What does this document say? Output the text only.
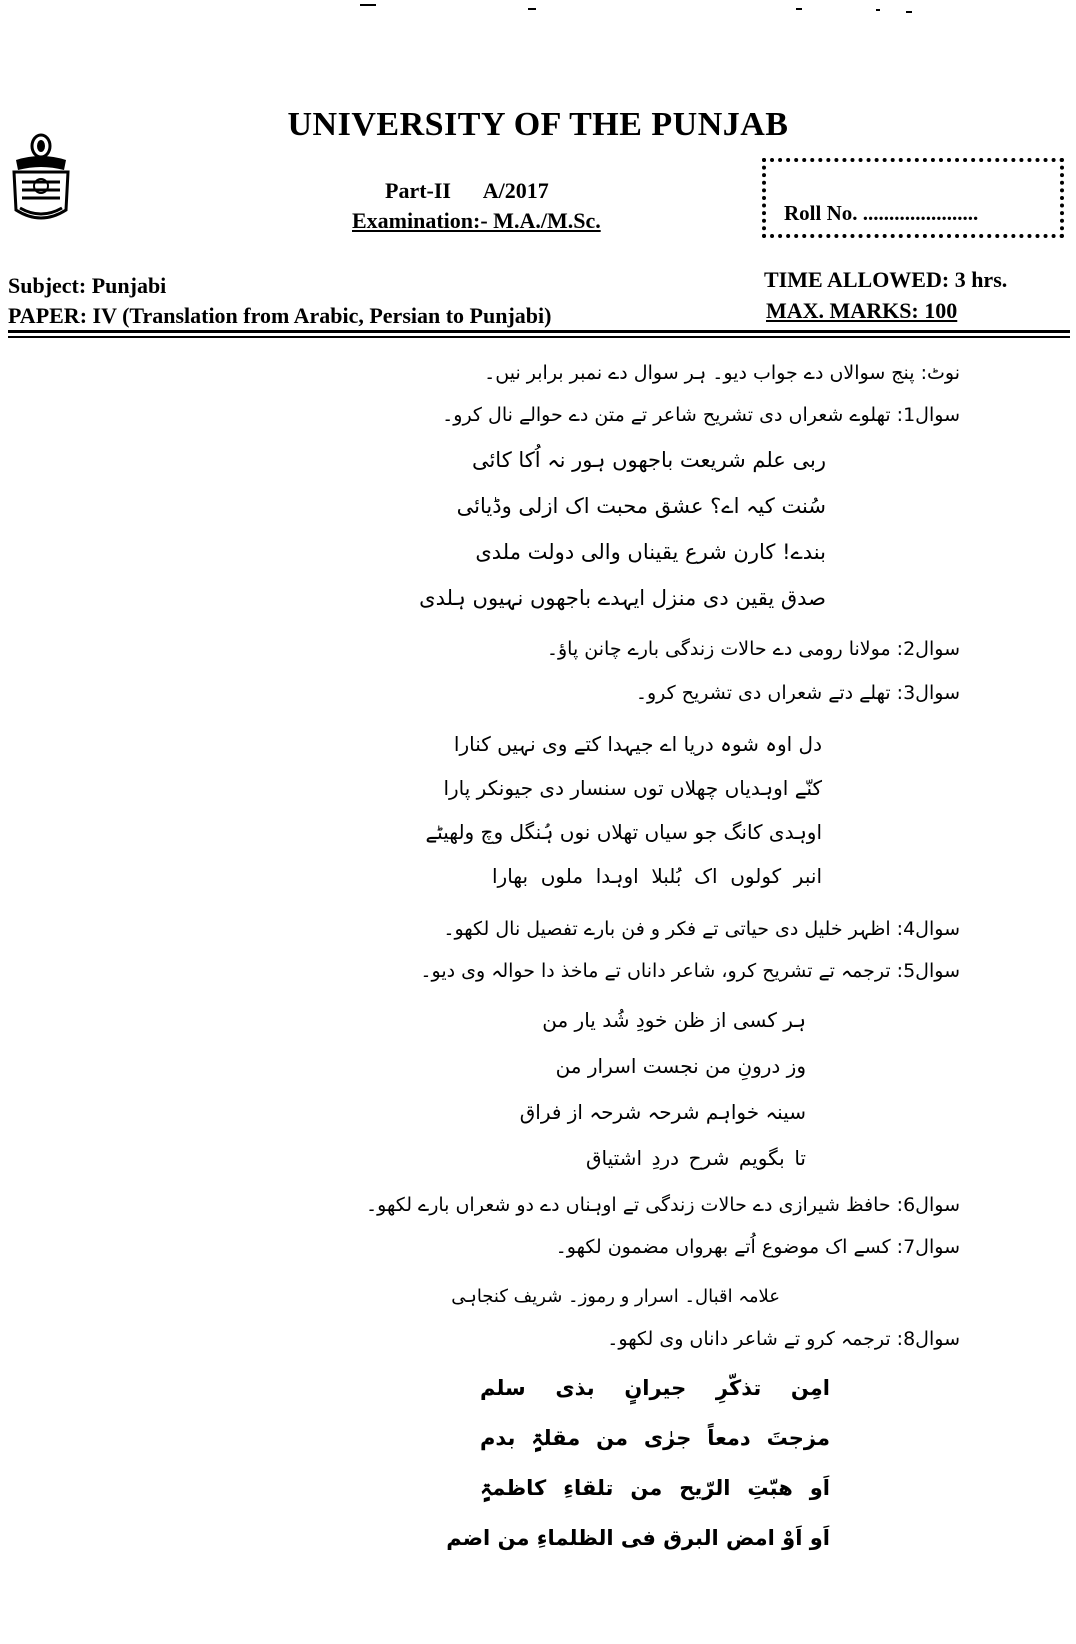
UNIVERSITY OF THE PUNJAB
Part-II      A/2017
Examination:- M.A./M.Sc.	Roll No. ......................
Subject: Punjabi
PAPER: IV (Translation from Arabic, Persian to Punjabi)
TIME ALLOWED: 3 hrs.
MAX. MARKS: 100
نوٹ: پنج سوالاں دے جواب دیو۔ ہر سوال دے نمبر برابر نیں۔
سوال1: تھلوے شعراں دی تشریح شاعر تے متن دے حوالے نال کرو۔
ربی علم شریعت باجھوں ہور نہ اُکا کائی
سُنت کیہ اے؟ عشق محبت اک ازلی وڈیائی
بندے! کارن شرع یقیناں والی دولت ملدی
صدق یقین دی منزل ایہدے باجھوں نہیوں ہلدی
سوال2: مولانا رومی دے حالات زندگی بارے چانن پاؤ۔
سوال3: تھلے دتے شعراں دی تشریح کرو۔
دل اوہ شوہ دریا اے جیہدا کتے وی نہیں کنارا
کنّے اوہدیاں چھلاں توں سنسار دی جیونکر پارا
اوہدی کانگ جو سیاں تھلاں نوں ہُنگل وچ ولھیٹے
انبر کولوں اک بُلبلا اوہدا ملوں بھارا
سوال4: اظہر خلیل دی حیاتی تے فکر و فن بارے تفصیل نال لکھو۔
سوال5: ترجمہ تے تشریح کرو، شاعر داناں تے ماخذ دا حوالہ وی دیو۔
ہر کسی از ظن خودِ شُد یار من
وز درونِ من نجست اسرار من
سینہ خواہم شرحہ شرحہ از فراق
تا بگویم شرح دردِ اشتیاق
سوال6: حافظ شیرازی دے حالات زندگی تے اوہناں دے دو شعراں بارے لکھو۔
سوال7: کسے اک موضوع اُتے بھرواں مضمون لکھو۔
علامہ اقبال۔ اسرار و رموز۔ شریف کنجاہی
سوال8: ترجمہ کرو تے شاعر داناں وی لکھو۔
امِن تذکّرِ جیرانٍ بذی سلم
مزجتَ دمعاً جرٰی من مقلۃٍ بدم
اَو ھبّتِ الرّیح من تلقاءِ کاظمۃٍ
اَو اَوْ امض البرق فی الظلماءِ من اضم
